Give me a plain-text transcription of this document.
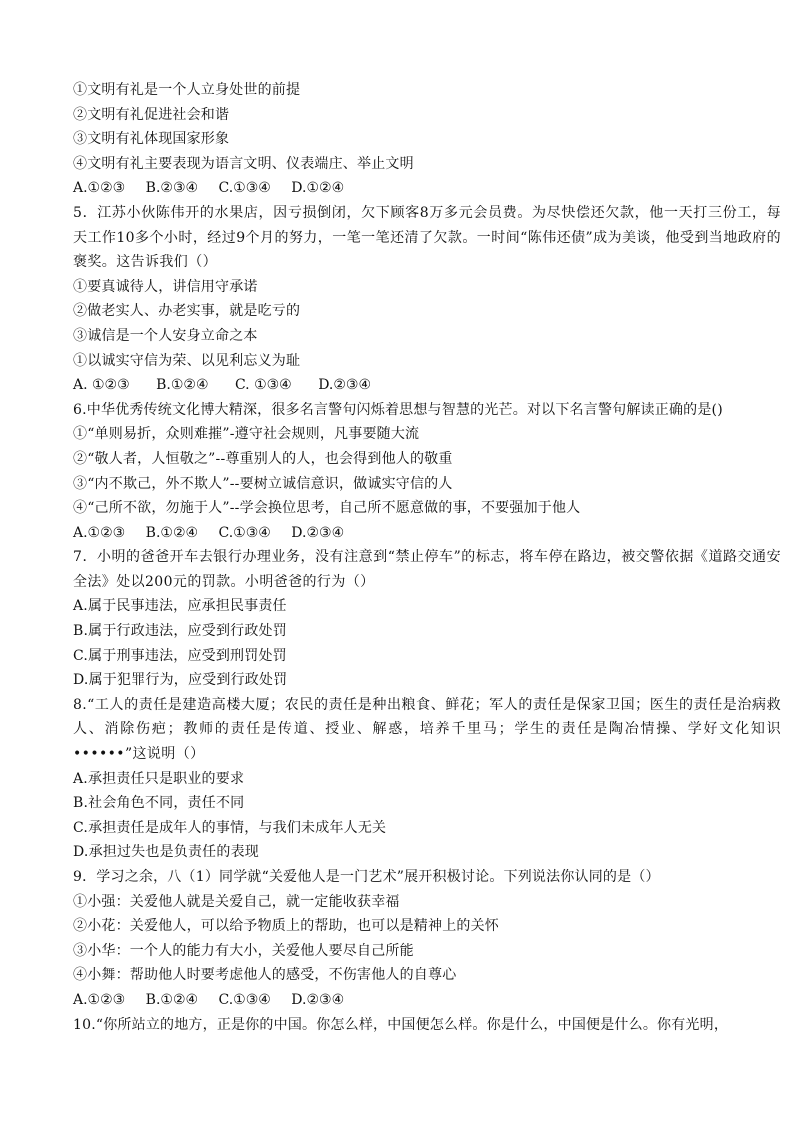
①文明有礼是一个人立身处世的前提
②文明有礼促进社会和谐
③文明有礼体现国家形象
④文明有礼主要表现为语言文明、仪表端庄、举止文明
A.①②③ B.②③④ C.①③④ D.①②④
5．江苏小伙陈伟开的水果店，因亏损倒闭，欠下顾客8万多元会员费。为尽快偿还欠款，他一天打三份工，每天工作10多个小时，经过9个月的努力，一笔一笔还清了欠款。一时间“陈伟还债”成为美谈，他受到当地政府的褒奖。这告诉我们（）
①要真诚待人，讲信用守承诺
②做老实人、办老实事，就是吃亏的
③诚信是一个人安身立命之本
①以诚实守信为荣、以见利忘义为耻
A. ①②③ B.①②④ C. ①③④ D.②③④
6.中华优秀传统文化博大精深，很多名言警句闪烁着思想与智慧的光芒。对以下名言警句解读正确的是()
①“单则易折，众则难摧”-遵守社会规则，凡事要随大流
②“敬人者，人恒敬之”--尊重别人的人，也会得到他人的敬重
③“内不欺己，外不欺人”--要树立诚信意识，做诚实守信的人
④“己所不欲，勿施于人”--学会换位思考，自己所不愿意做的事，不要强加于他人
A.①②③ B.①②④ C.①③④ D.②③④
7．小明的爸爸开车去银行办理业务，没有注意到“禁止停车”的标志，将车停在路边，被交警依据《道路交通安全法》处以200元的罚款。小明爸爸的行为（）
A.属于民事违法，应承担民事责任
B.属于行政违法，应受到行政处罚
C.属于刑事违法，应受到刑罚处罚
D.属于犯罪行为，应受到行政处罚
8.“工人的责任是建造高楼大厦；农民的责任是种出粮食、鲜花；军人的责任是保家卫国；医生的责任是治病救人、消除伤疤；教师的责任是传道、授业、解惑，培养千里马；学生的责任是陶冶情操、学好文化知识••••••”这说明（）
A.承担责任只是职业的要求
B.社会角色不同，责任不同
C.承担责任是成年人的事情，与我们未成年人无关
D.承担过失也是负责任的表现
9．学习之余，八（1）同学就“关爱他人是一门艺术”展开积极讨论。下列说法你认同的是（）
①小强：关爱他人就是关爱自己，就一定能收获幸福
②小花：关爱他人，可以给予物质上的帮助，也可以是精神上的关怀
③小华：一个人的能力有大小，关爱他人要尽自己所能
④小舞：帮助他人时要考虑他人的感受，不伤害他人的自尊心
A.①②③ B.①②④ C.①③④ D.②③④
10.“你所站立的地方，正是你的中国。你怎么样，中国便怎么样。你是什么，中国便是什么。你有光明，
